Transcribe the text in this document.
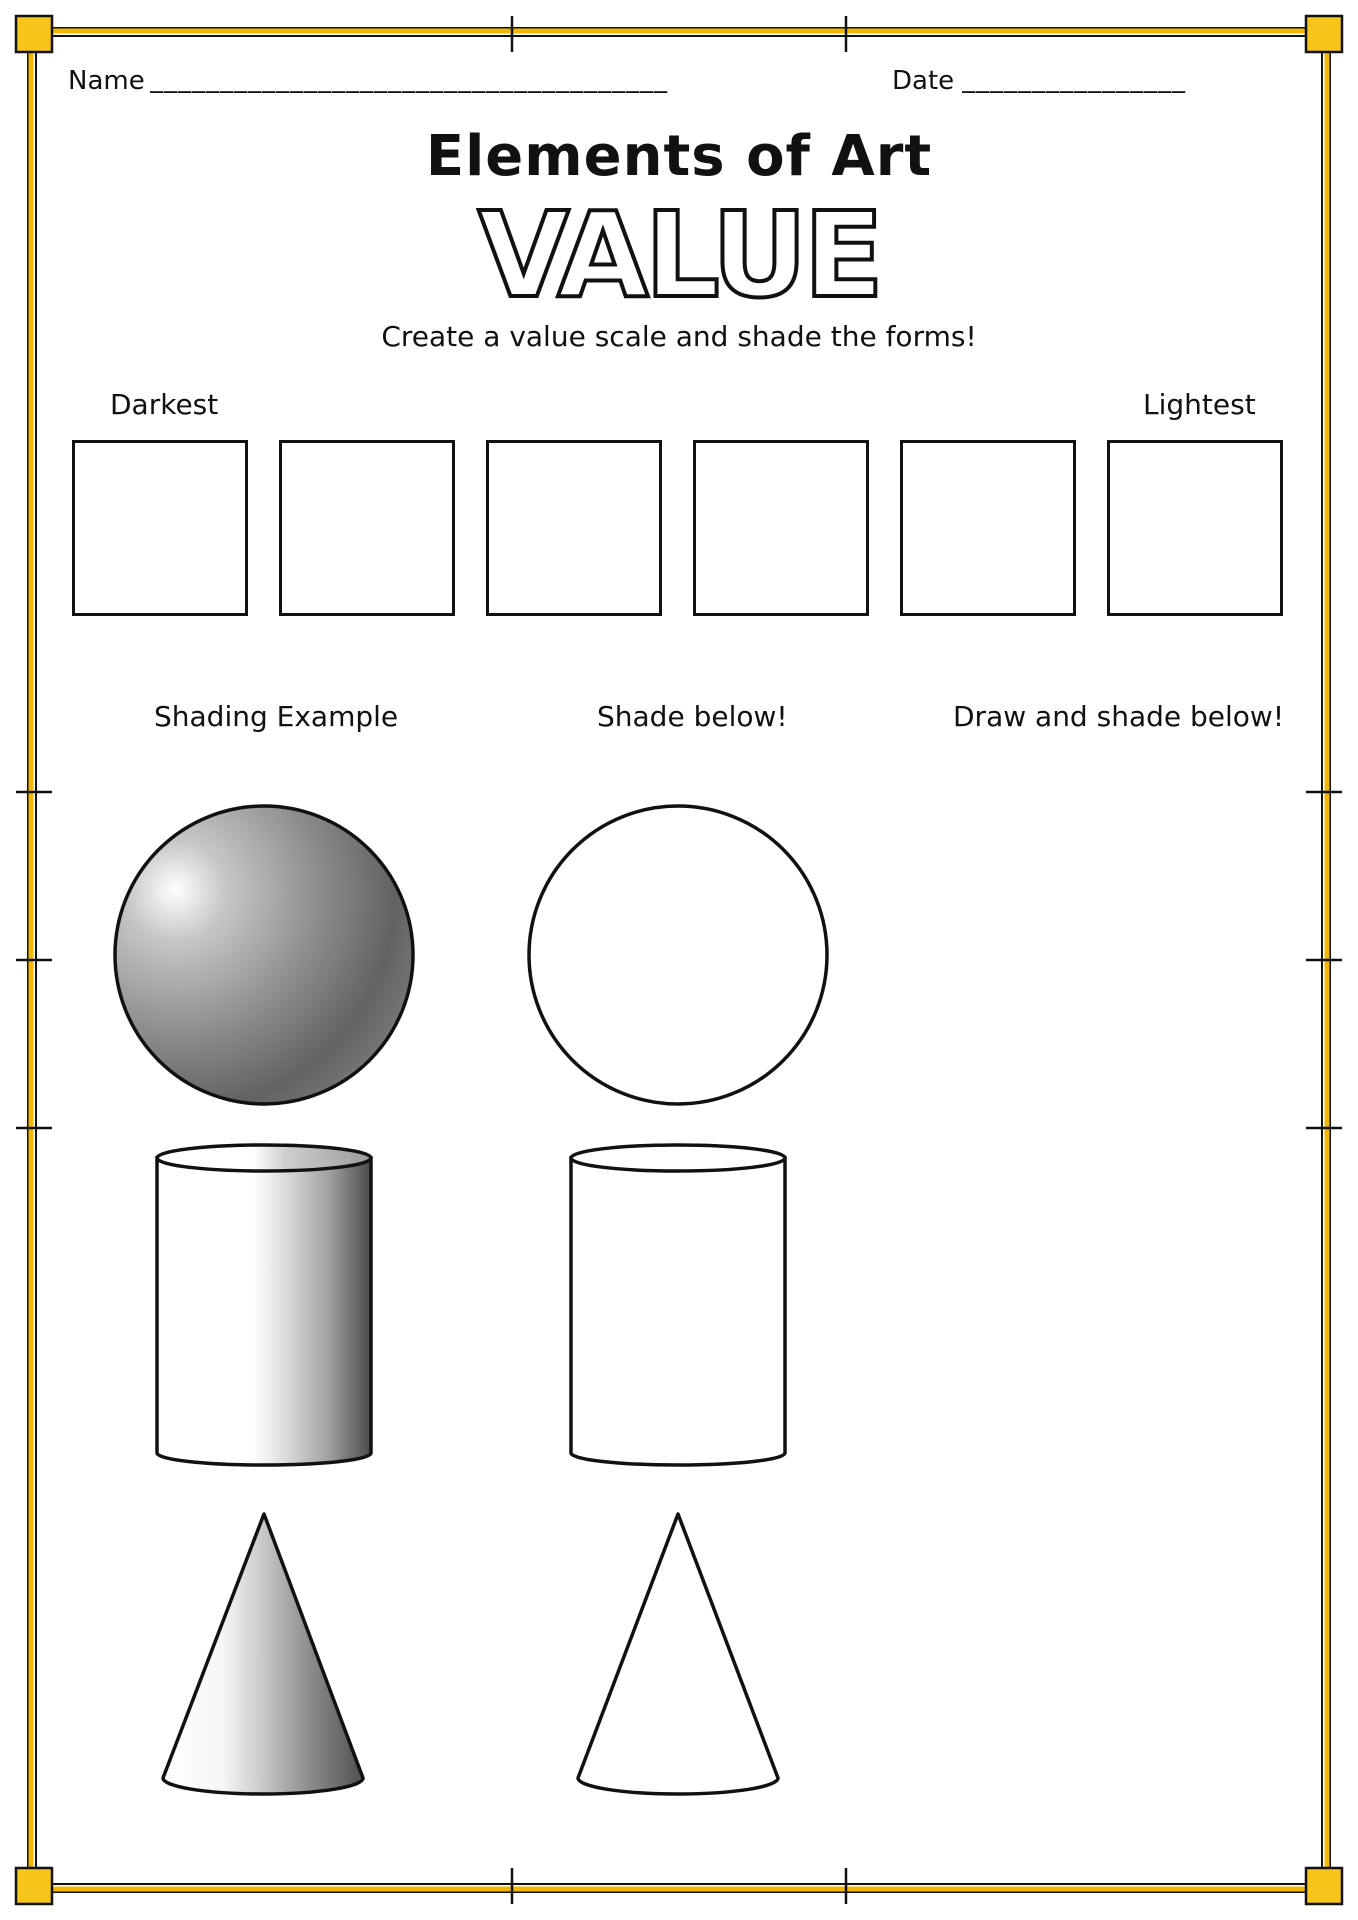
Name _____________________________________	Date ________________
Elements of Art
VALUE
Create a value scale and shade the forms!
Darkest	Lightest
Shading Example	Shade below!	Draw and shade below!
